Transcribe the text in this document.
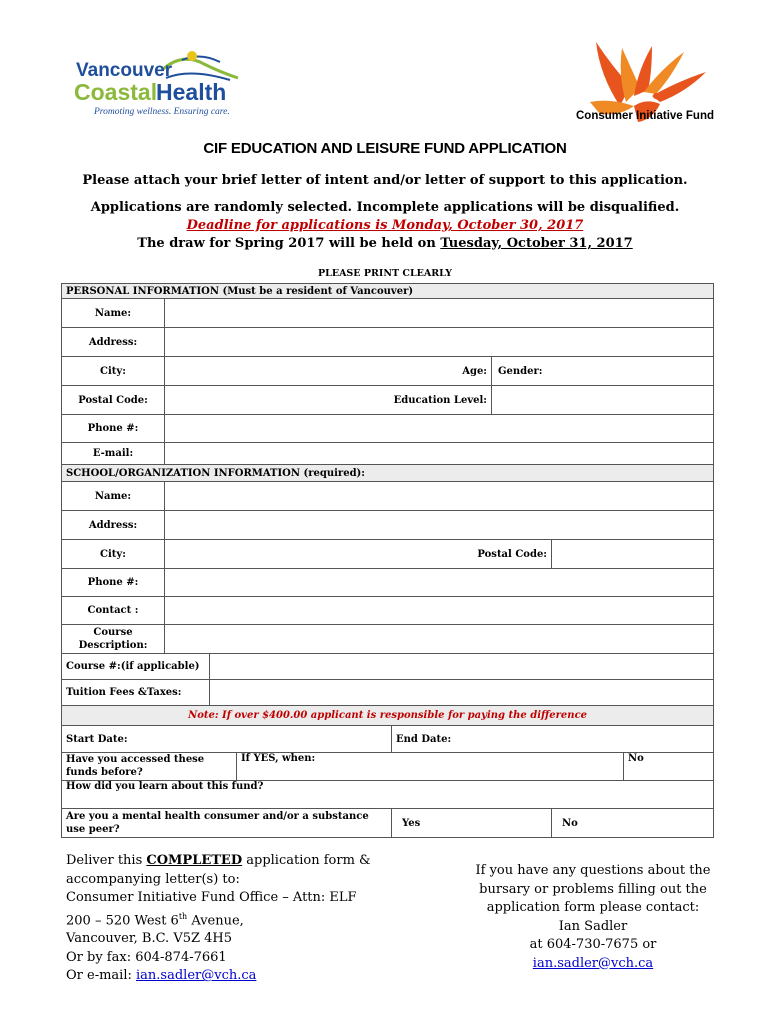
Vancouver
Coastal
Health
Promoting wellness. Ensuring care.	Consumer Initiative Fund
CIF EDUCATION AND LEISURE FUND APPLICATION
Please attach your brief letter of intent and/or letter of support to this application.
Applications are randomly selected. Incomplete applications will be disqualified.
Deadline for applications is Monday, October 30, 2017
The draw for Spring 2017 will be held on Tuesday, October 31, 2017
PLEASE PRINT CLEARLY
PERSONAL INFORMATION (Must be a resident of Vancouver)							
Name:							
Address:							
City:	Age:				Gender:		
Postal Code:	Education Level:						
Phone #:							
E-mail:							
SCHOOL/ORGANIZATION INFORMATION (required):							
Name:							
Address:							
City:	Postal Code:						
Phone #:							
Contact :							
Course Description:							
Course #:(if applicable)							
Tuition Fees &Taxes:							
Note: If over $400.00 applicant is responsible for paying the difference							
Start Date:				End Date:			
Have you accessed these funds before?			If YES, when:				No
How did you learn about this fund?							
Are you a mental health consumer and/or a substance use peer?				Yes		No	
Deliver this COMPLETED application form &
accompanying letter(s) to:
Consumer Initiative Fund Office – Attn: ELF
200 – 520 West 6th Avenue,
Vancouver, B.C. V5Z 4H5
Or by fax: 604-874-7661
Or e-mail: ian.sadler@vch.ca
If you have any questions about the
bursary or problems filling out the
application form please contact:
Ian Sadler
at 604-730-7675 or
ian.sadler@vch.ca
